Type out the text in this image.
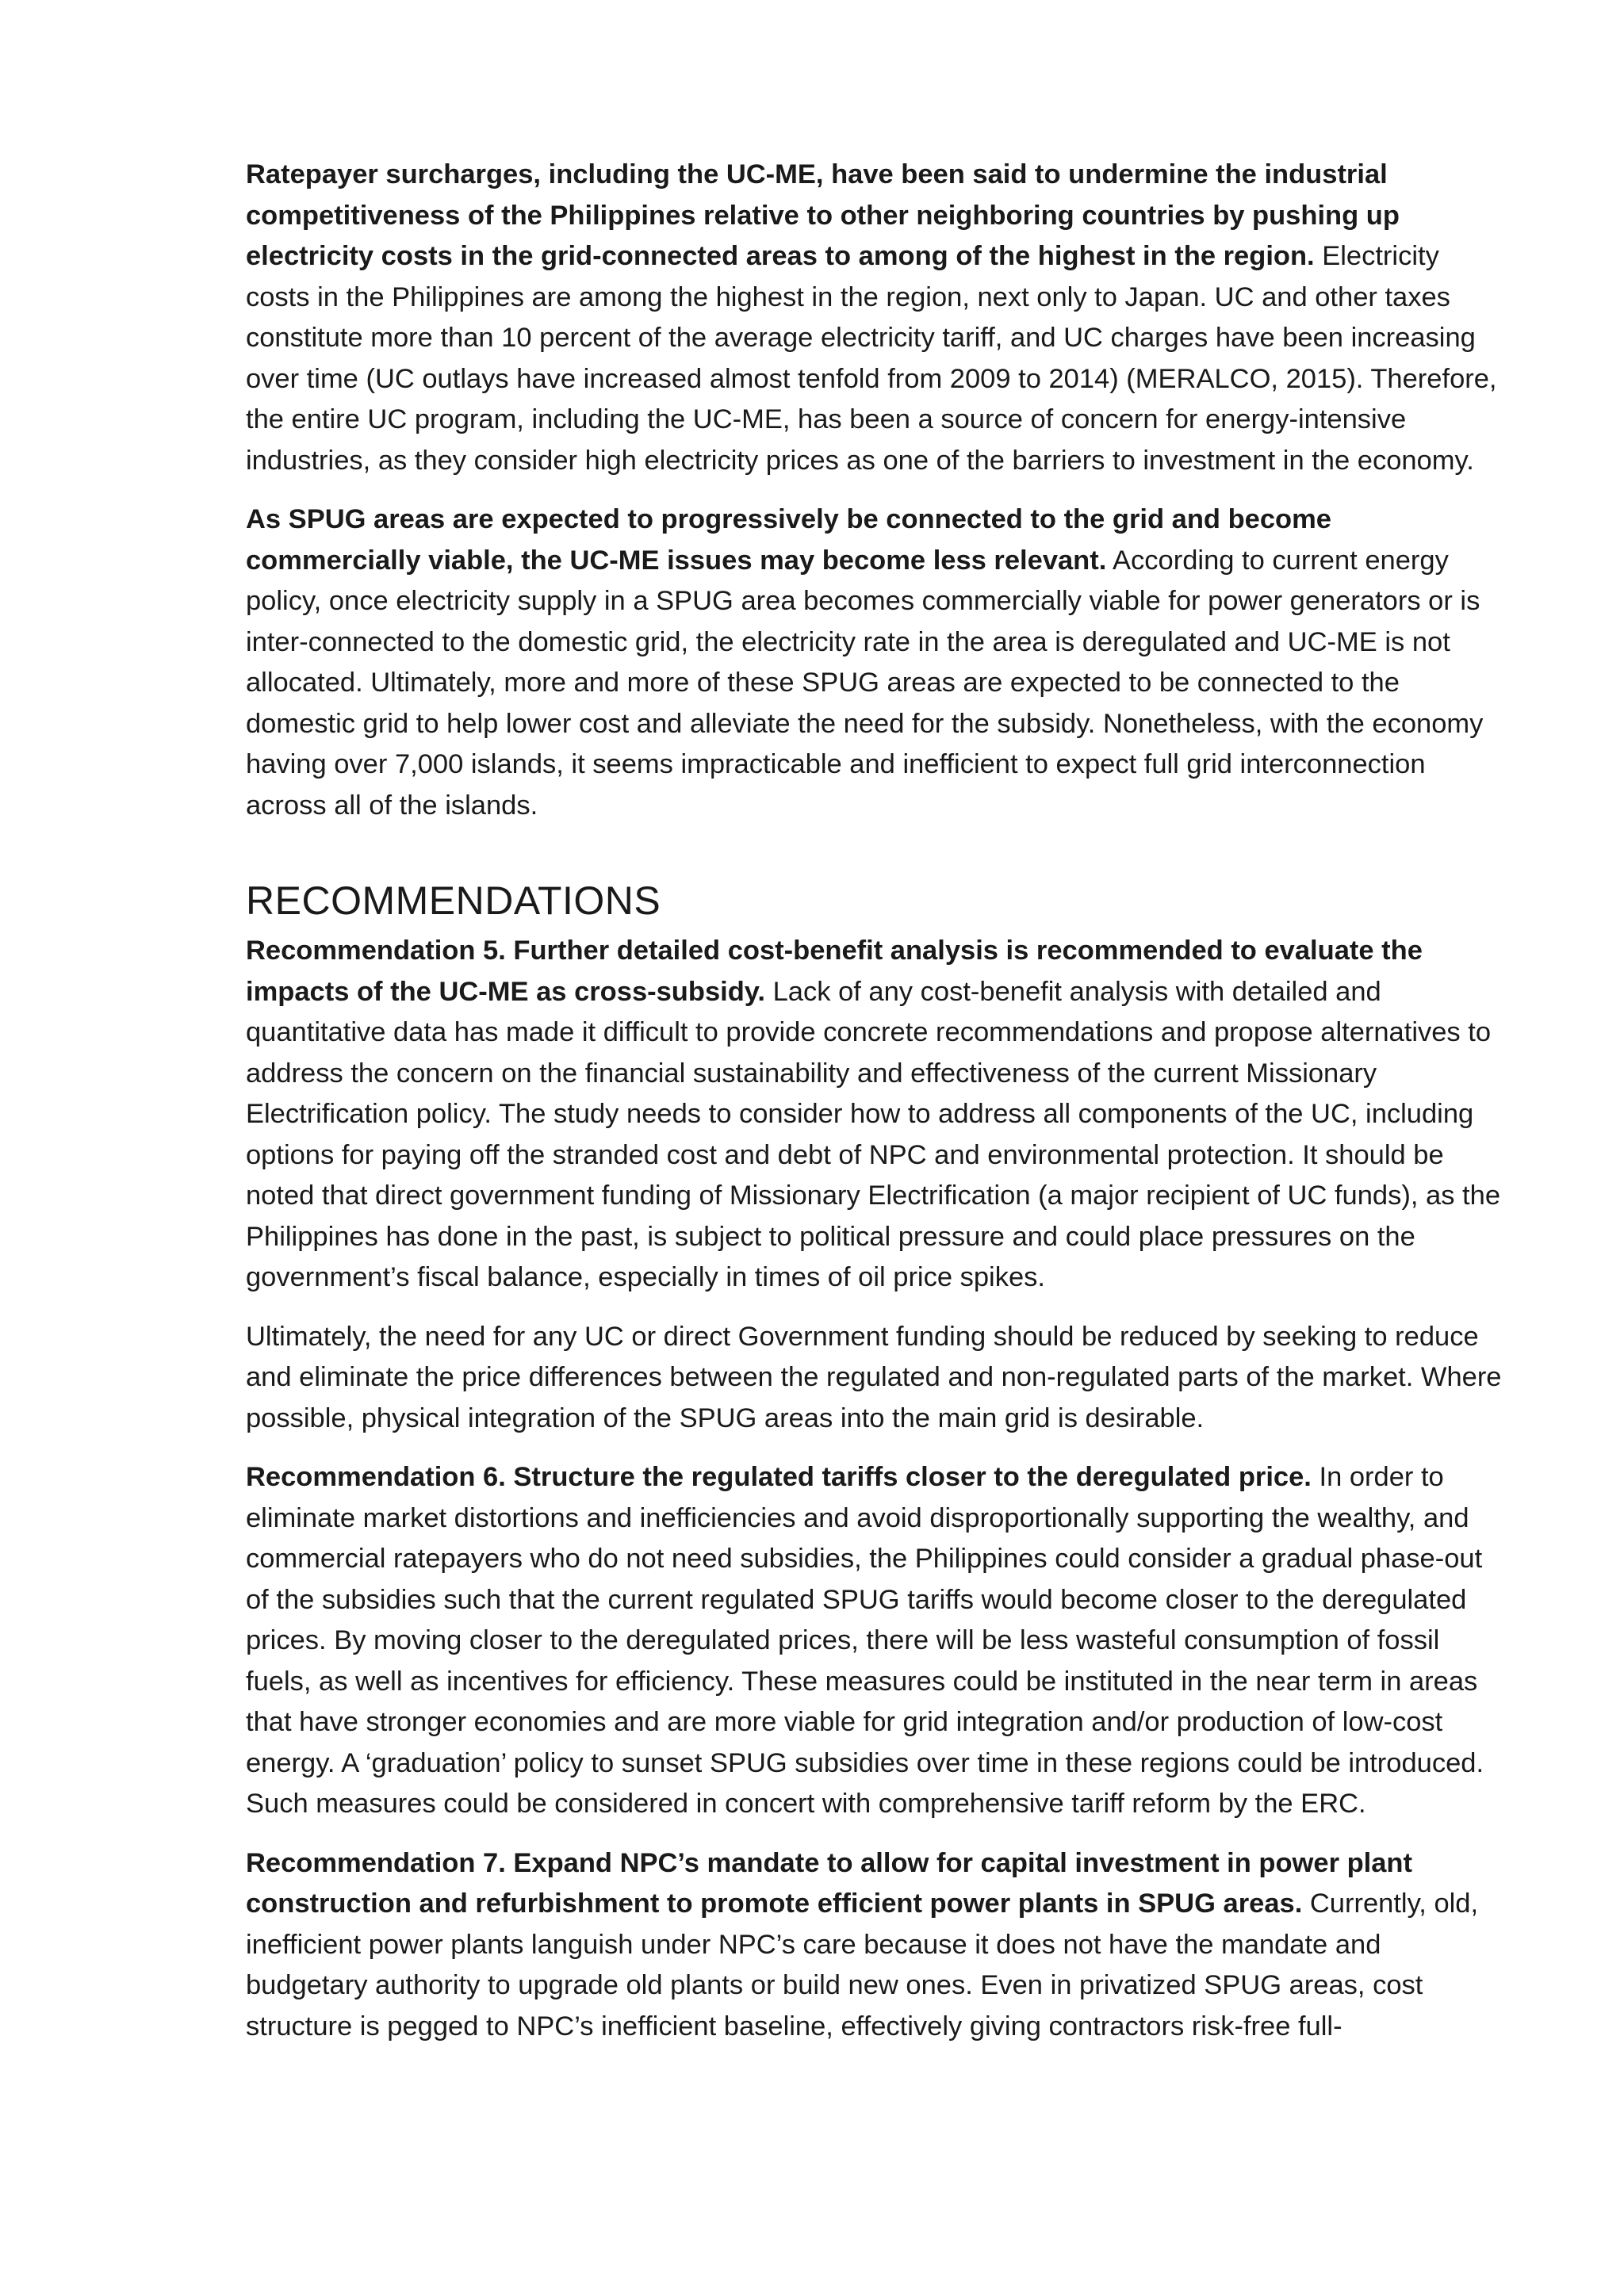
Ratepayer surcharges, including the UC-ME, have been said to undermine the industrial competitiveness of the Philippines relative to other neighboring countries by pushing up electricity costs in the grid-connected areas to among of the highest in the region. Electricity costs in the Philippines are among the highest in the region, next only to Japan. UC and other taxes constitute more than 10 percent of the average electricity tariff, and UC charges have been increasing over time (UC outlays have increased almost tenfold from 2009 to 2014) (MERALCO, 2015). Therefore, the entire UC program, including the UC-ME, has been a source of concern for energy-intensive industries, as they consider high electricity prices as one of the barriers to investment in the economy.

As SPUG areas are expected to progressively be connected to the grid and become commercially viable, the UC-ME issues may become less relevant. According to current energy policy, once electricity supply in a SPUG area becomes commercially viable for power generators or is inter-connected to the domestic grid, the electricity rate in the area is deregulated and UC-ME is not allocated. Ultimately, more and more of these SPUG areas are expected to be connected to the domestic grid to help lower cost and alleviate the need for the subsidy. Nonetheless, with the economy having over 7,000 islands, it seems impracticable and inefficient to expect full grid interconnection across all of the islands.

RECOMMENDATIONS

Recommendation 5. Further detailed cost-benefit analysis is recommended to evaluate the impacts of the UC-ME as cross-subsidy. Lack of any cost-benefit analysis with detailed and quantitative data has made it difficult to provide concrete recommendations and propose alternatives to address the concern on the financial sustainability and effectiveness of the current Missionary Electrification policy. The study needs to consider how to address all components of the UC, including options for paying off the stranded cost and debt of NPC and environmental protection. It should be noted that direct government funding of Missionary Electrification (a major recipient of UC funds), as the Philippines has done in the past, is subject to political pressure and could place pressures on the government’s fiscal balance, especially in times of oil price spikes.

Ultimately, the need for any UC or direct Government funding should be reduced by seeking to reduce and eliminate the price differences between the regulated and non-regulated parts of the market. Where possible, physical integration of the SPUG areas into the main grid is desirable.

Recommendation 6. Structure the regulated tariffs closer to the deregulated price. In order to eliminate market distortions and inefficiencies and avoid disproportionally supporting the wealthy, and commercial ratepayers who do not need subsidies, the Philippines could consider a gradual phase-out of the subsidies such that the current regulated SPUG tariffs would become closer to the deregulated prices. By moving closer to the deregulated prices, there will be less wasteful consumption of fossil fuels, as well as incentives for efficiency. These measures could be instituted in the near term in areas that have stronger economies and are more viable for grid integration and/or production of low-cost energy. A ‘graduation’ policy to sunset SPUG subsidies over time in these regions could be introduced. Such measures could be considered in concert with comprehensive tariff reform by the ERC.

Recommendation 7. Expand NPC’s mandate to allow for capital investment in power plant construction and refurbishment to promote efficient power plants in SPUG areas. Currently, old, inefficient power plants languish under NPC’s care because it does not have the mandate and budgetary authority to upgrade old plants or build new ones. Even in privatized SPUG areas, cost structure is pegged to NPC’s inefficient baseline, effectively giving contractors risk-free full-
